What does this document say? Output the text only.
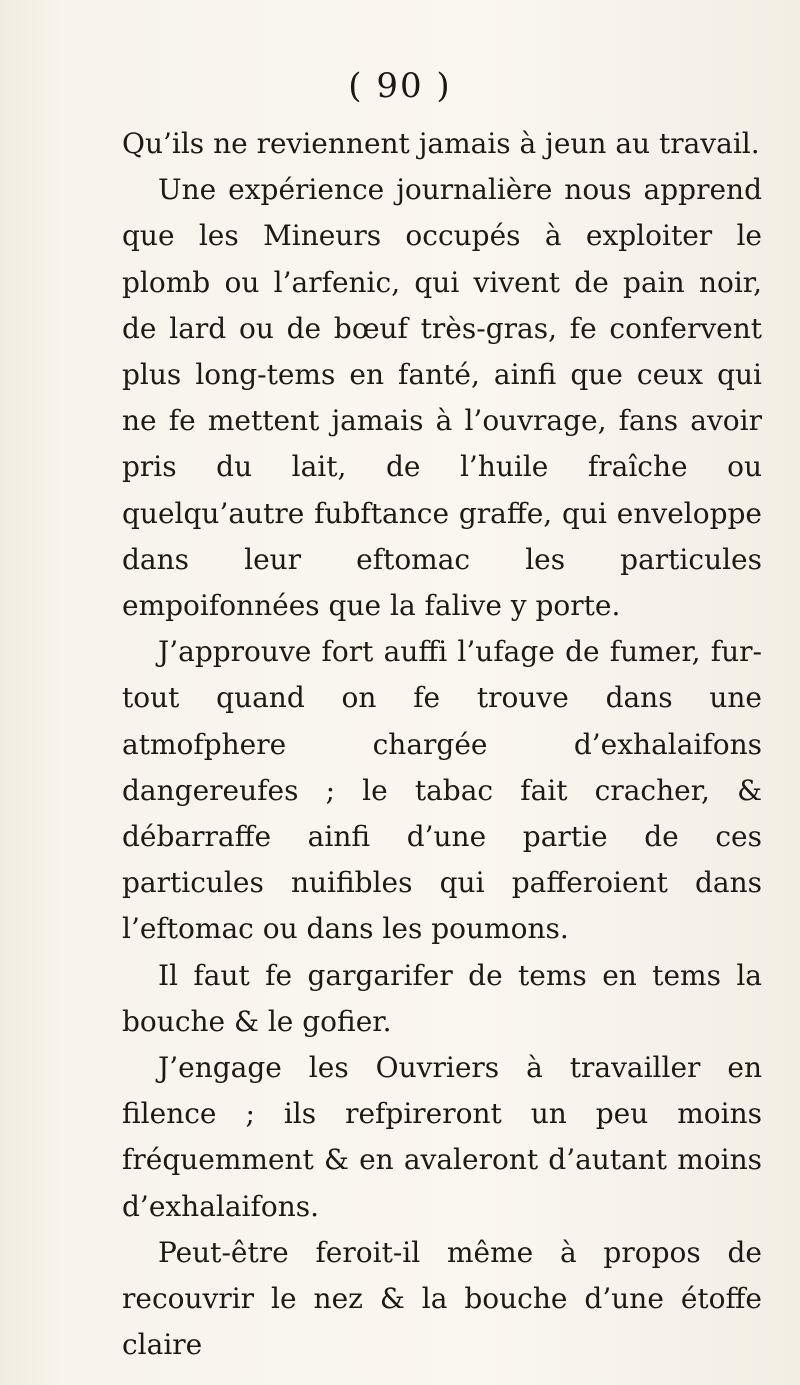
( 90 )

Qu’ils ne reviennent jamais à jeun au travail.

Une expérience journalière nous apprend que les Mineurs occupés à exploiter le plomb ou l’arfenic, qui vivent de pain noir, de lard ou de bœuf très-gras, fe confervent plus long-tems en fanté, ainfi que ceux qui ne fe mettent jamais à l’ouvrage, fans avoir pris du lait, de l’huile fraîche ou quelqu’autre fubftance graffe, qui enveloppe dans leur eftomac les particules empoifonnées que la falive y porte.

J’approuve fort auffi l’ufage de fumer, fur-tout quand on fe trouve dans une atmofphere chargée d’exhalaifons dangereufes ; le tabac fait cracher, & débarraffe ainfi d’une partie de ces particules nuifibles qui pafferoient dans l’eftomac ou dans les poumons.

Il faut fe gargarifer de tems en tems la bouche & le gofier.

J’engage les Ouvriers à travailler en filence ; ils refpireront un peu moins fréquemment & en avaleront d’autant moins d’exhalaifons.

Peut-être feroit-il même à propos de recouvrir le nez & la bouche d’une étoffe claire
